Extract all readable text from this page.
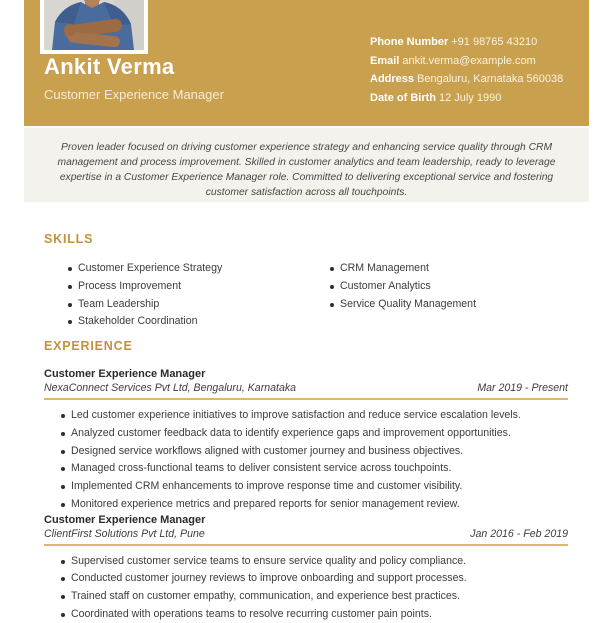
Ankit Verma
Customer Experience Manager
Phone Number +91 98765 43210
Email ankit.verma@example.com
Address Bengaluru, Karnataka 560038
Date of Birth 12 July 1990

Proven leader focused on driving customer experience strategy and enhancing service quality through CRM management and process improvement. Skilled in customer analytics and team leadership, ready to leverage expertise in a Customer Experience Manager role. Committed to delivering exceptional service and fostering customer satisfaction across all touchpoints.

SKILLS
Customer Experience Strategy
Process Improvement
Team Leadership
Stakeholder Coordination
CRM Management
Customer Analytics
Service Quality Management
EXPERIENCE
Customer Experience Manager
NexaConnect Services Pvt Ltd, Bengaluru, Karnataka	Mar 2019 - Present
Led customer experience initiatives to improve satisfaction and reduce service escalation levels.
Analyzed customer feedback data to identify experience gaps and improvement opportunities.
Designed service workflows aligned with customer journey and business objectives.
Managed cross-functional teams to deliver consistent service across touchpoints.
Implemented CRM enhancements to improve response time and customer visibility.
Monitored experience metrics and prepared reports for senior management review.
Customer Experience Manager
ClientFirst Solutions Pvt Ltd, Pune	Jan 2016 - Feb 2019
Supervised customer service teams to ensure service quality and policy compliance.
Conducted customer journey reviews to improve onboarding and support processes.
Trained staff on customer empathy, communication, and experience best practices.
Coordinated with operations teams to resolve recurring customer pain points.
